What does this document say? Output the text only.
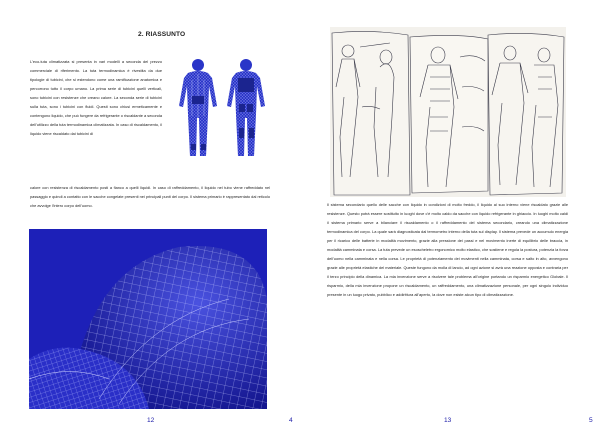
2. RIASSUNTO

L'eco-tuta climatizzata si presenta in vari modelli a seconda del prezzo commerciale di riferimento. La tuta termodinamica è rivestita da due tipologie di tubicini, che si estendono come una ramificazione anatomica e percorrono tutto il corpo umano. La prima serie di tubicini quelli verticali, sono tubicini con resistenze che creano calore. La seconda serie di tubicini sulla tuta, sono i tubicini con fluidi. Questi sono chiusi ermeticamente e contengono liquido, che può fungere da refrigerante o riscaldante a seconda dell'utilizzo della tuta termodinamica climatizzata. In caso di riscaldamento, il liquido viene riscaldato dai tubicini di

calore con resistenza di riscaldamento posti a fianco a quelli liquidi. In caso di raffreddamento, il liquido nel tubo viene raffreddato nel passaggio e quindi a contatto con le sacche congelate presenti nei principali punti del corpo. Il sistema primario è rappresentato dal reticolo che avvolge l'intero corpo dell'uomo.

12	4	13	5

Il sistema secondario quello delle sacche con liquido in condizioni di molto freddo, il liquido al suo interno viene riscaldato grazie alle resistenze. Questo potrà essere sostituito in luoghi dove c'è molto caldo da sacche con liquido refrigerante in ghiaccio. In luoghi molto caldi il sistema primario serve a bilanciare il riscaldamento o il raffreddamento del sistema secondario, creando una climatizzazione termodinamica del corpo. La quale sarà diagnosticata dal termometro interno della tuta sul display. Il sistema prevede un accumulo energia per il ricarico delle batterie in modalità movimento, grazie alla pressione dei passi e nel movimento inerte di equilibrio delle braccia, in modalità camminata e corsa. La tuta prevede un esoscheletro ergonomico molto elastico, che sostiene e regola la postura, potenzia la forza dell'uomo nella camminata e nella corsa. Le proprietà di potenziamento dei movimenti nella camminata, corsa e salto in alto, avvengono grazie alle proprietà elastiche del materiale. Queste fungono da molla di lancio, ad ogni azione si avrà una reazione opposta e contraria per il terzo principio della dinamica. La mia invenzione serve a risolvere tale problema all'origine portando un risparmio energetico Globale. Il risparmio, della mia invenzione propone un riscaldamento, un raffreddamento, una climatizzazione personale, per ogni singolo individuo presente in un luogo privato, pubblico e addirittura all'aperto, la dove non esiste alcun tipo di climatizzazione.
